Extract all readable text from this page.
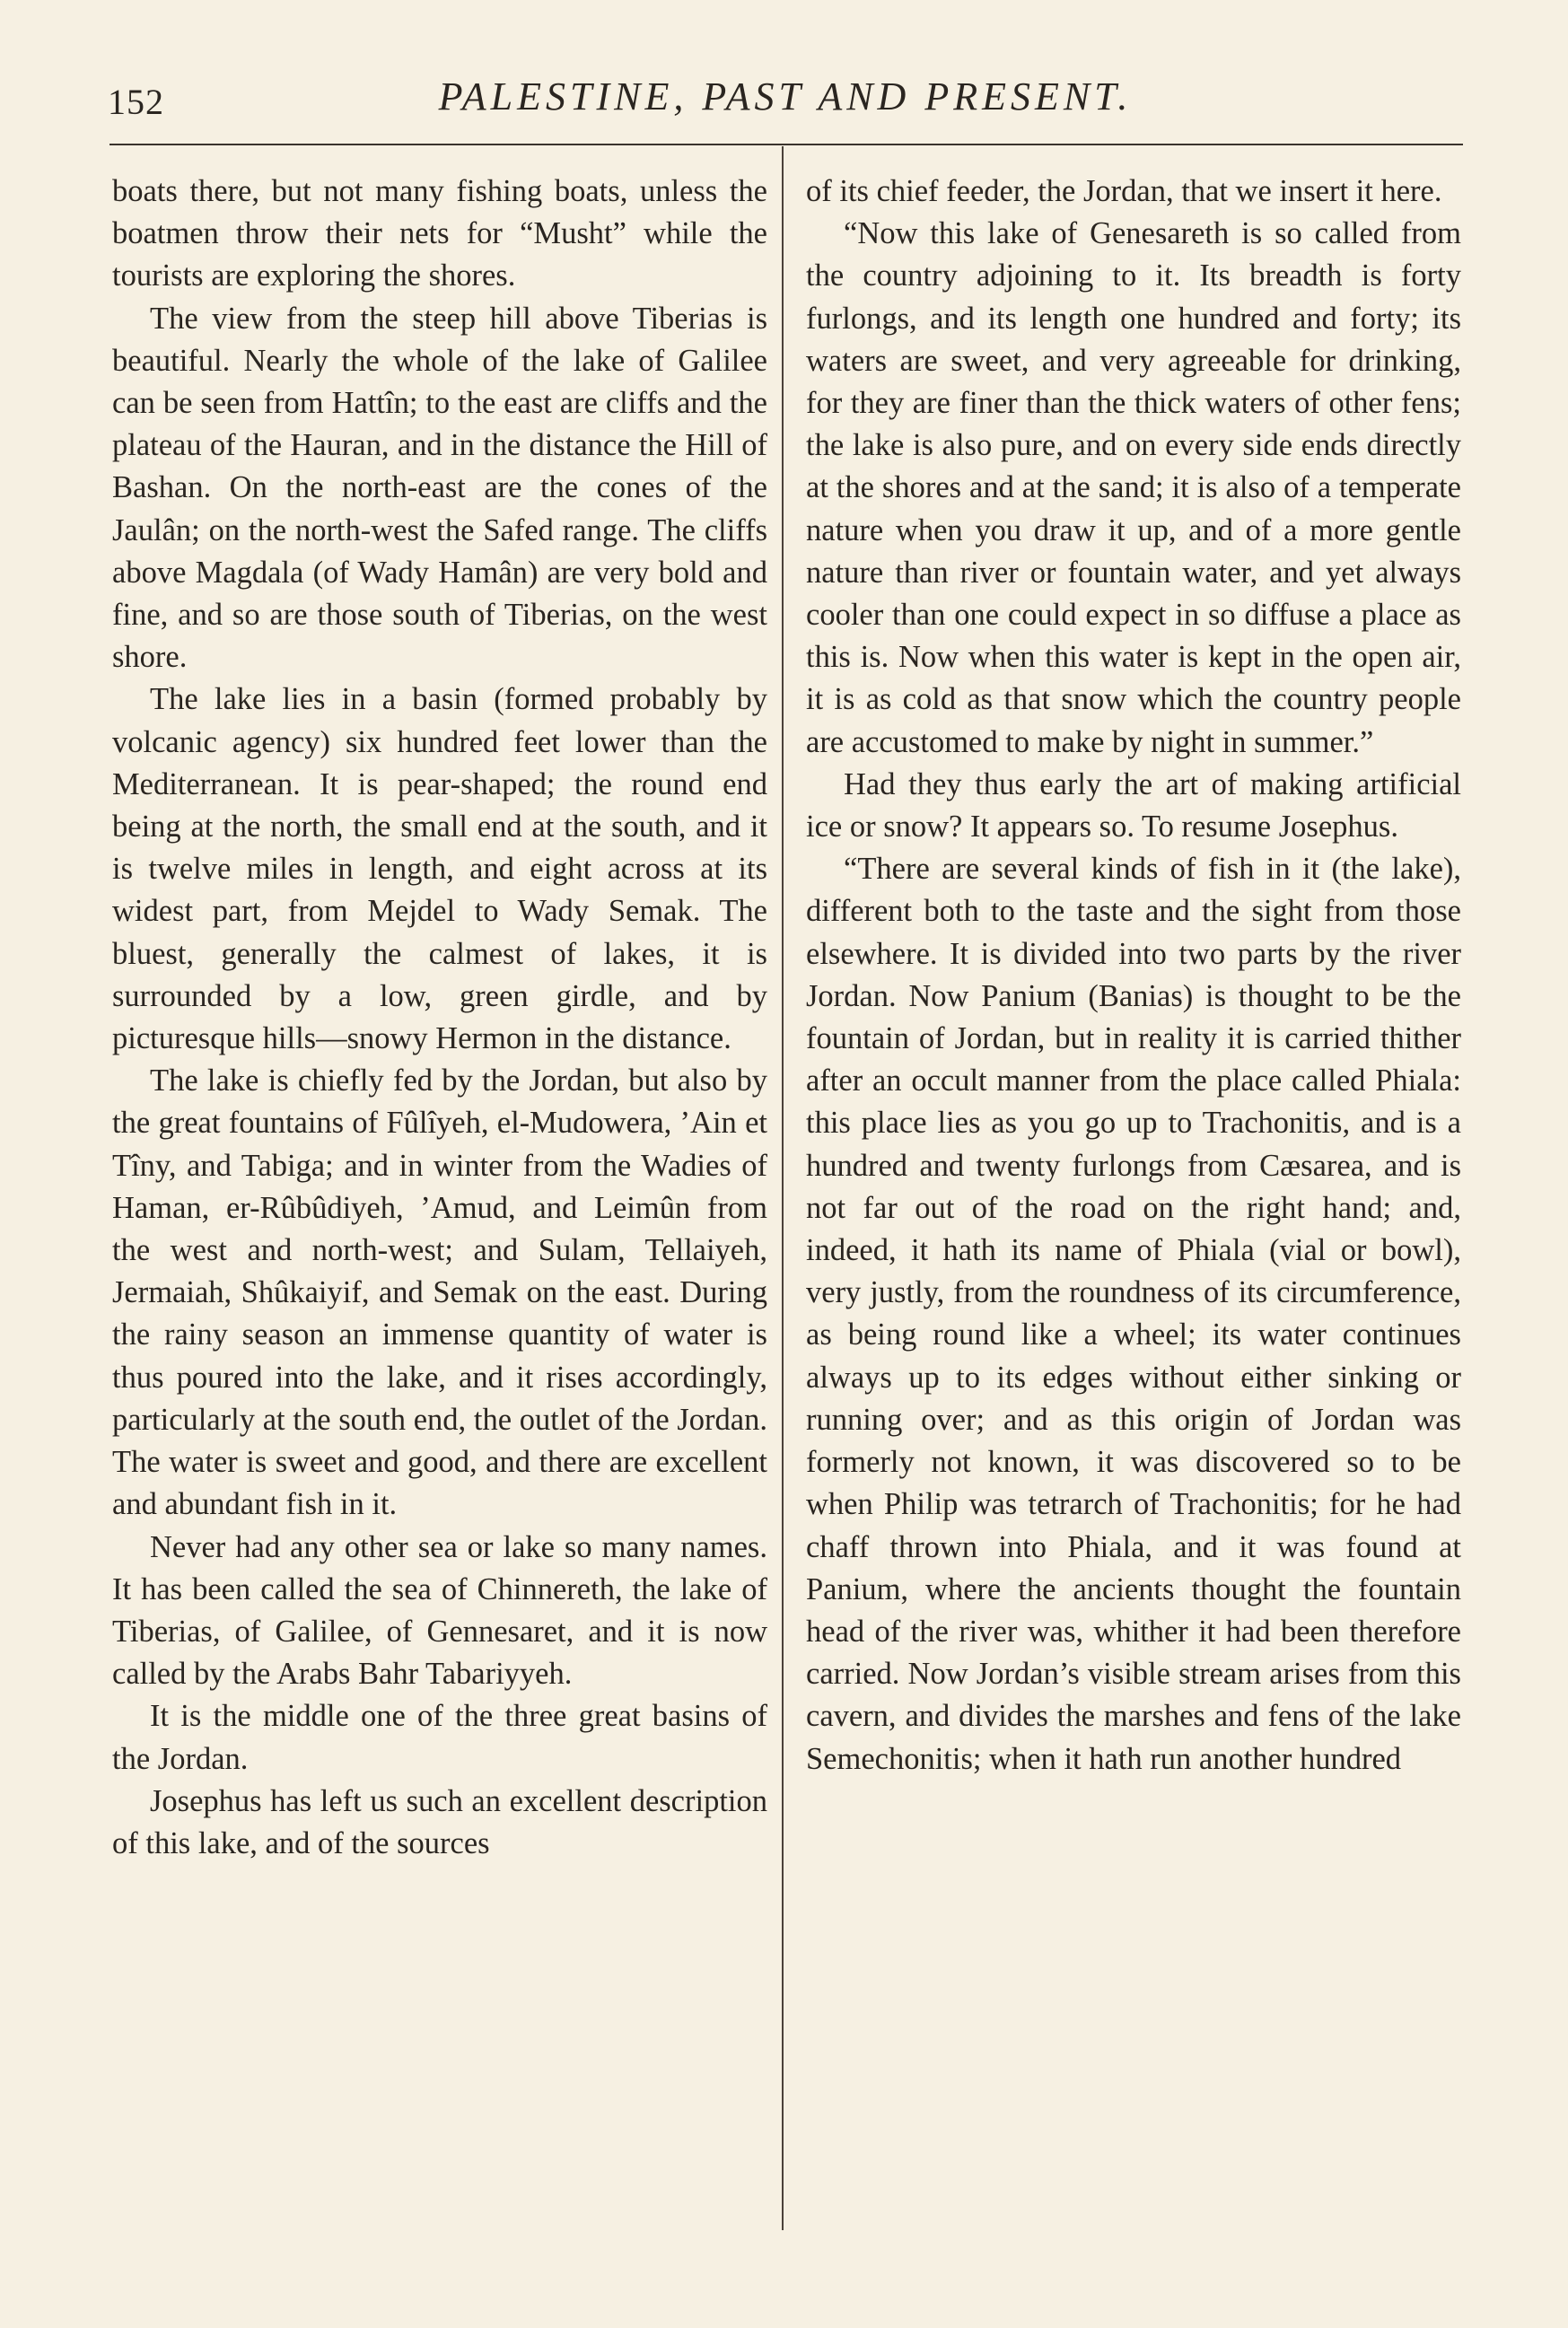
152	PALESTINE, PAST AND PRESENT.

boats there, but not many fishing boats, unless the boatmen throw their nets for “Musht” while the tourists are exploring the shores.

The view from the steep hill above Tiberias is beautiful. Nearly the whole of the lake of Galilee can be seen from Hattîn; to the east are cliffs and the plateau of the Hauran, and in the distance the Hill of Bashan. On the north-east are the cones of the Jaulân; on the north-west the Safed range. The cliffs above Magdala (of Wady Hamân) are very bold and fine, and so are those south of Tiberias, on the west shore.

The lake lies in a basin (formed probably by volcanic agency) six hundred feet lower than the Mediterranean. It is pear-shaped; the round end being at the north, the small end at the south, and it is twelve miles in length, and eight across at its widest part, from Mejdel to Wady Semak. The bluest, generally the calmest of lakes, it is surrounded by a low, green girdle, and by picturesque hills—snowy Hermon in the distance.

The lake is chiefly fed by the Jordan, but also by the great fountains of Fûlîyeh, el-Mudowera, ’Ain et Tîny, and Tabiga; and in winter from the Wadies of Haman, er-Rûbûdiyeh, ’Amud, and Leimûn from the west and north-west; and Sulam, Tellaiyeh, Jermaiah, Shûkaiyif, and Semak on the east. During the rainy season an immense quantity of water is thus poured into the lake, and it rises accordingly, particularly at the south end, the outlet of the Jordan. The water is sweet and good, and there are excellent and abundant fish in it.

Never had any other sea or lake so many names. It has been called the sea of Chinnereth, the lake of Tiberias, of Galilee, of Gennesaret, and it is now called by the Arabs Bahr Tabariyyeh.

It is the middle one of the three great basins of the Jordan.

Josephus has left us such an excellent description of this lake, and of the sources

of its chief feeder, the Jordan, that we insert it here.

“Now this lake of Genesareth is so called from the country adjoining to it. Its breadth is forty furlongs, and its length one hundred and forty; its waters are sweet, and very agreeable for drinking, for they are finer than the thick waters of other fens; the lake is also pure, and on every side ends directly at the shores and at the sand; it is also of a temperate nature when you draw it up, and of a more gentle nature than river or fountain water, and yet always cooler than one could expect in so diffuse a place as this is. Now when this water is kept in the open air, it is as cold as that snow which the country people are accustomed to make by night in summer.”

Had they thus early the art of making artificial ice or snow? It appears so. To resume Josephus.

“There are several kinds of fish in it (the lake), different both to the taste and the sight from those elsewhere. It is divided into two parts by the river Jordan. Now Panium (Banias) is thought to be the fountain of Jordan, but in reality it is carried thither after an occult manner from the place called Phiala: this place lies as you go up to Trachonitis, and is a hundred and twenty furlongs from Cæsarea, and is not far out of the road on the right hand; and, indeed, it hath its name of Phiala (vial or bowl), very justly, from the roundness of its circumference, as being round like a wheel; its water continues always up to its edges without either sinking or running over; and as this origin of Jordan was formerly not known, it was discovered so to be when Philip was tetrarch of Trachonitis; for he had chaff thrown into Phiala, and it was found at Panium, where the ancients thought the fountain head of the river was, whither it had been therefore carried. Now Jordan’s visible stream arises from this cavern, and divides the marshes and fens of the lake Semechonitis; when it hath run another hundred
